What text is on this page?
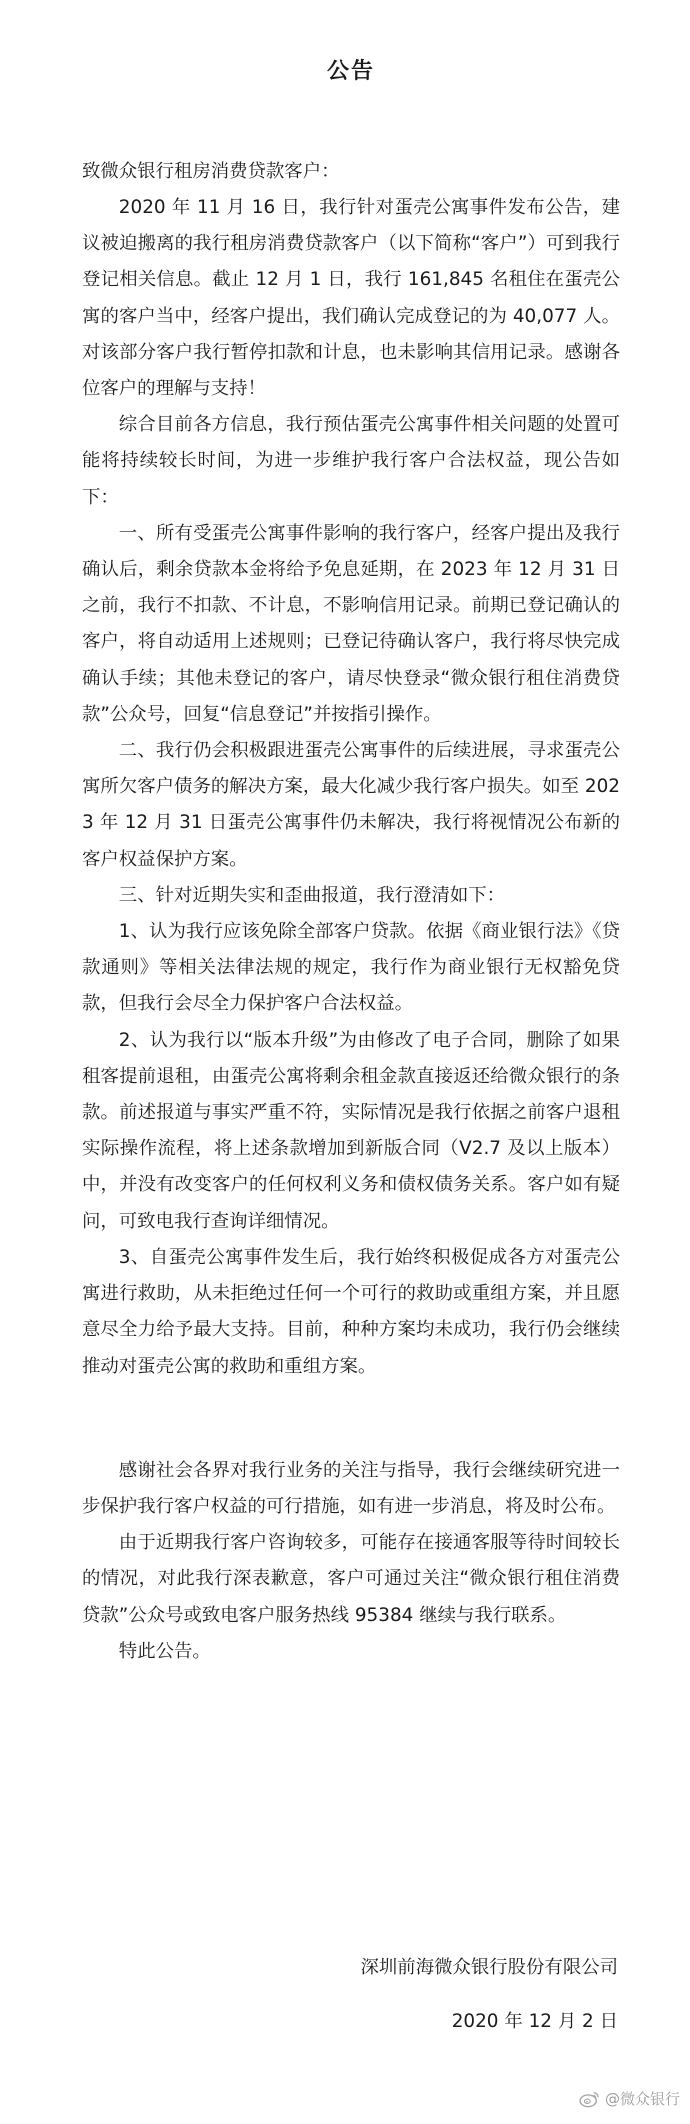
公告

致微众银行租房消费贷款客户：

2020 年 11 月 16 日，我行针对蛋壳公寓事件发布公告，建议被迫搬离的我行租房消费贷款客户（以下简称“客户”）可到我行登记相关信息。截止 12 月 1 日，我行 161,845 名租住在蛋壳公寓的客户当中，经客户提出，我们确认完成登记的为 40,077 人。对该部分客户我行暂停扣款和计息，也未影响其信用记录。感谢各位客户的理解与支持！

综合目前各方信息，我行预估蛋壳公寓事件相关问题的处置可能将持续较长时间，为进一步维护我行客户合法权益，现公告如下：

一、所有受蛋壳公寓事件影响的我行客户，经客户提出及我行确认后，剩余贷款本金将给予免息延期，在 2023 年 12 月 31 日之前，我行不扣款、不计息，不影响信用记录。前期已登记确认的客户，将自动适用上述规则；已登记待确认客户，我行将尽快完成确认手续；其他未登记的客户，请尽快登录“微众银行租住消费贷款”公众号，回复“信息登记”并按指引操作。

二、我行仍会积极跟进蛋壳公寓事件的后续进展，寻求蛋壳公寓所欠客户债务的解决方案，最大化减少我行客户损失。如至 2023 年 12 月 31 日蛋壳公寓事件仍未解决，我行将视情况公布新的客户权益保护方案。

三、针对近期失实和歪曲报道，我行澄清如下：

1、认为我行应该免除全部客户贷款。依据《商业银行法》《贷款通则》等相关法律法规的规定，我行作为商业银行无权豁免贷款，但我行会尽全力保护客户合法权益。

2、认为我行以“版本升级”为由修改了电子合同，删除了如果租客提前退租，由蛋壳公寓将剩余租金款直接返还给微众银行的条款。前述报道与事实严重不符，实际情况是我行依据之前客户退租实际操作流程，将上述条款增加到新版合同（V2.7 及以上版本）中，并没有改变客户的任何权利义务和债权债务关系。客户如有疑问，可致电我行查询详细情况。

3、自蛋壳公寓事件发生后，我行始终积极促成各方对蛋壳公寓进行救助，从未拒绝过任何一个可行的救助或重组方案，并且愿意尽全力给予最大支持。目前，种种方案均未成功，我行仍会继续推动对蛋壳公寓的救助和重组方案。

感谢社会各界对我行业务的关注与指导，我行会继续研究进一步保护我行客户权益的可行措施，如有进一步消息，将及时公布。

由于近期我行客户咨询较多，可能存在接通客服等待时间较长的情况，对此我行深表歉意，客户可通过关注“微众银行租住消费贷款”公众号或致电客户服务热线 95384 继续与我行联系。

特此公告。

深圳前海微众银行股份有限公司
2020 年 12 月 2 日
@微众银行
